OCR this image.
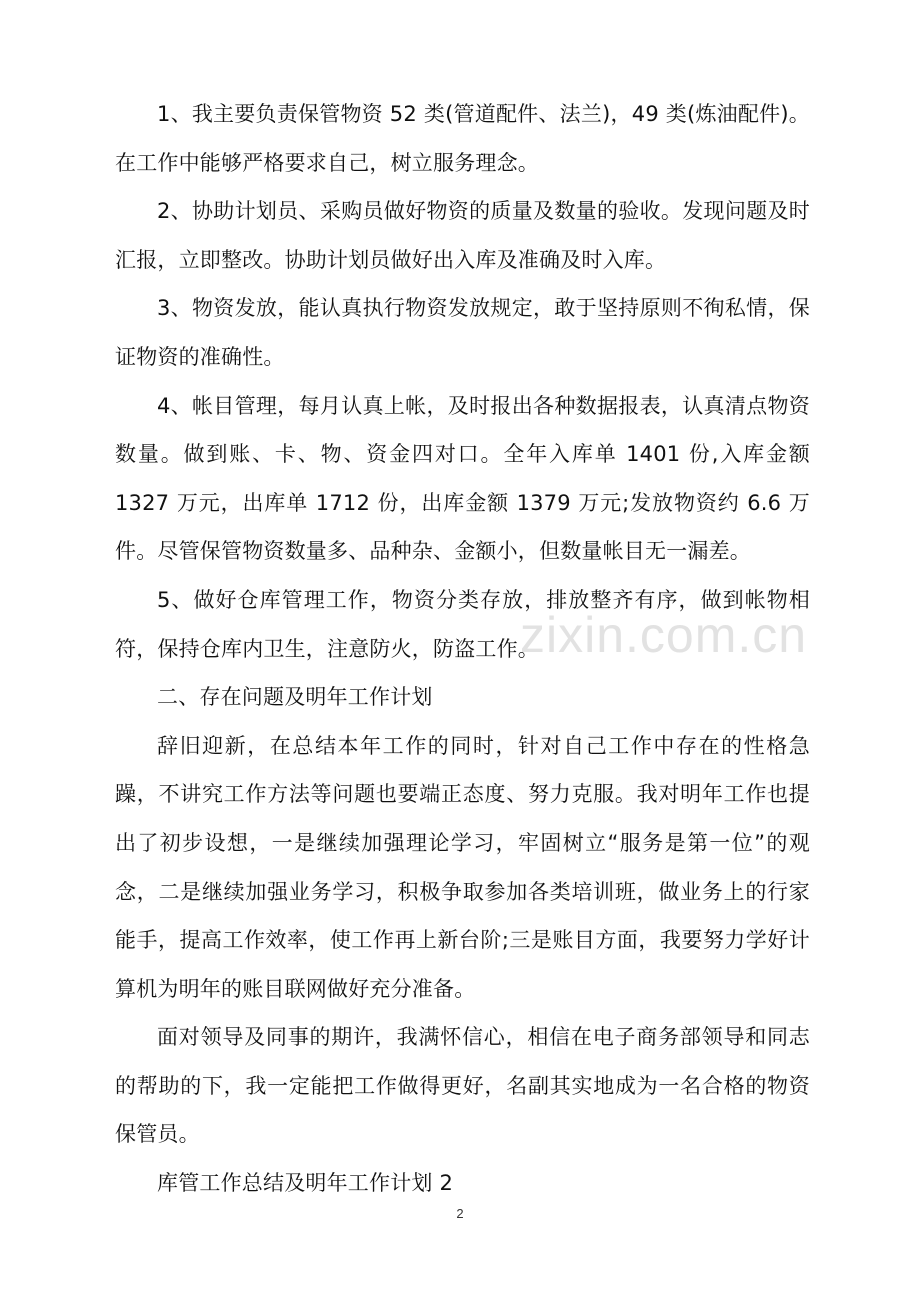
1、我主要负责保管物资 52 类(管道配件、法兰)，49 类(炼油配件)。在工作中能够严格要求自己，树立服务理念。

2、协助计划员、采购员做好物资的质量及数量的验收。发现问题及时汇报，立即整改。协助计划员做好出入库及准确及时入库。

3、物资发放，能认真执行物资发放规定，敢于坚持原则不徇私情，保证物资的准确性。

4、帐目管理，每月认真上帐，及时报出各种数据报表，认真清点物资数量。做到账、卡、物、资金四对口。全年入库单 1401 份,入库金额 1327 万元，出库单 1712 份，出库金额 1379 万元;发放物资约 6.6 万件。尽管保管物资数量多、品种杂、金额小，但数量帐目无一漏差。

5、做好仓库管理工作，物资分类存放，排放整齐有序，做到帐物相符，保持仓库内卫生，注意防火，防盗工作。

二、存在问题及明年工作计划

辞旧迎新，在总结本年工作的同时，针对自己工作中存在的性格急躁，不讲究工作方法等问题也要端正态度、努力克服。我对明年工作也提出了初步设想，一是继续加强理论学习，牢固树立“服务是第一位”的观念，二是继续加强业务学习，积极争取参加各类培训班，做业务上的行家能手，提高工作效率，使工作再上新台阶;三是账目方面，我要努力学好计算机为明年的账目联网做好充分准备。

面对领导及同事的期许，我满怀信心，相信在电子商务部领导和同志的帮助的下，我一定能把工作做得更好，名副其实地成为一名合格的物资保管员。

库管工作总结及明年工作计划 2

zixin.com.cn
2
